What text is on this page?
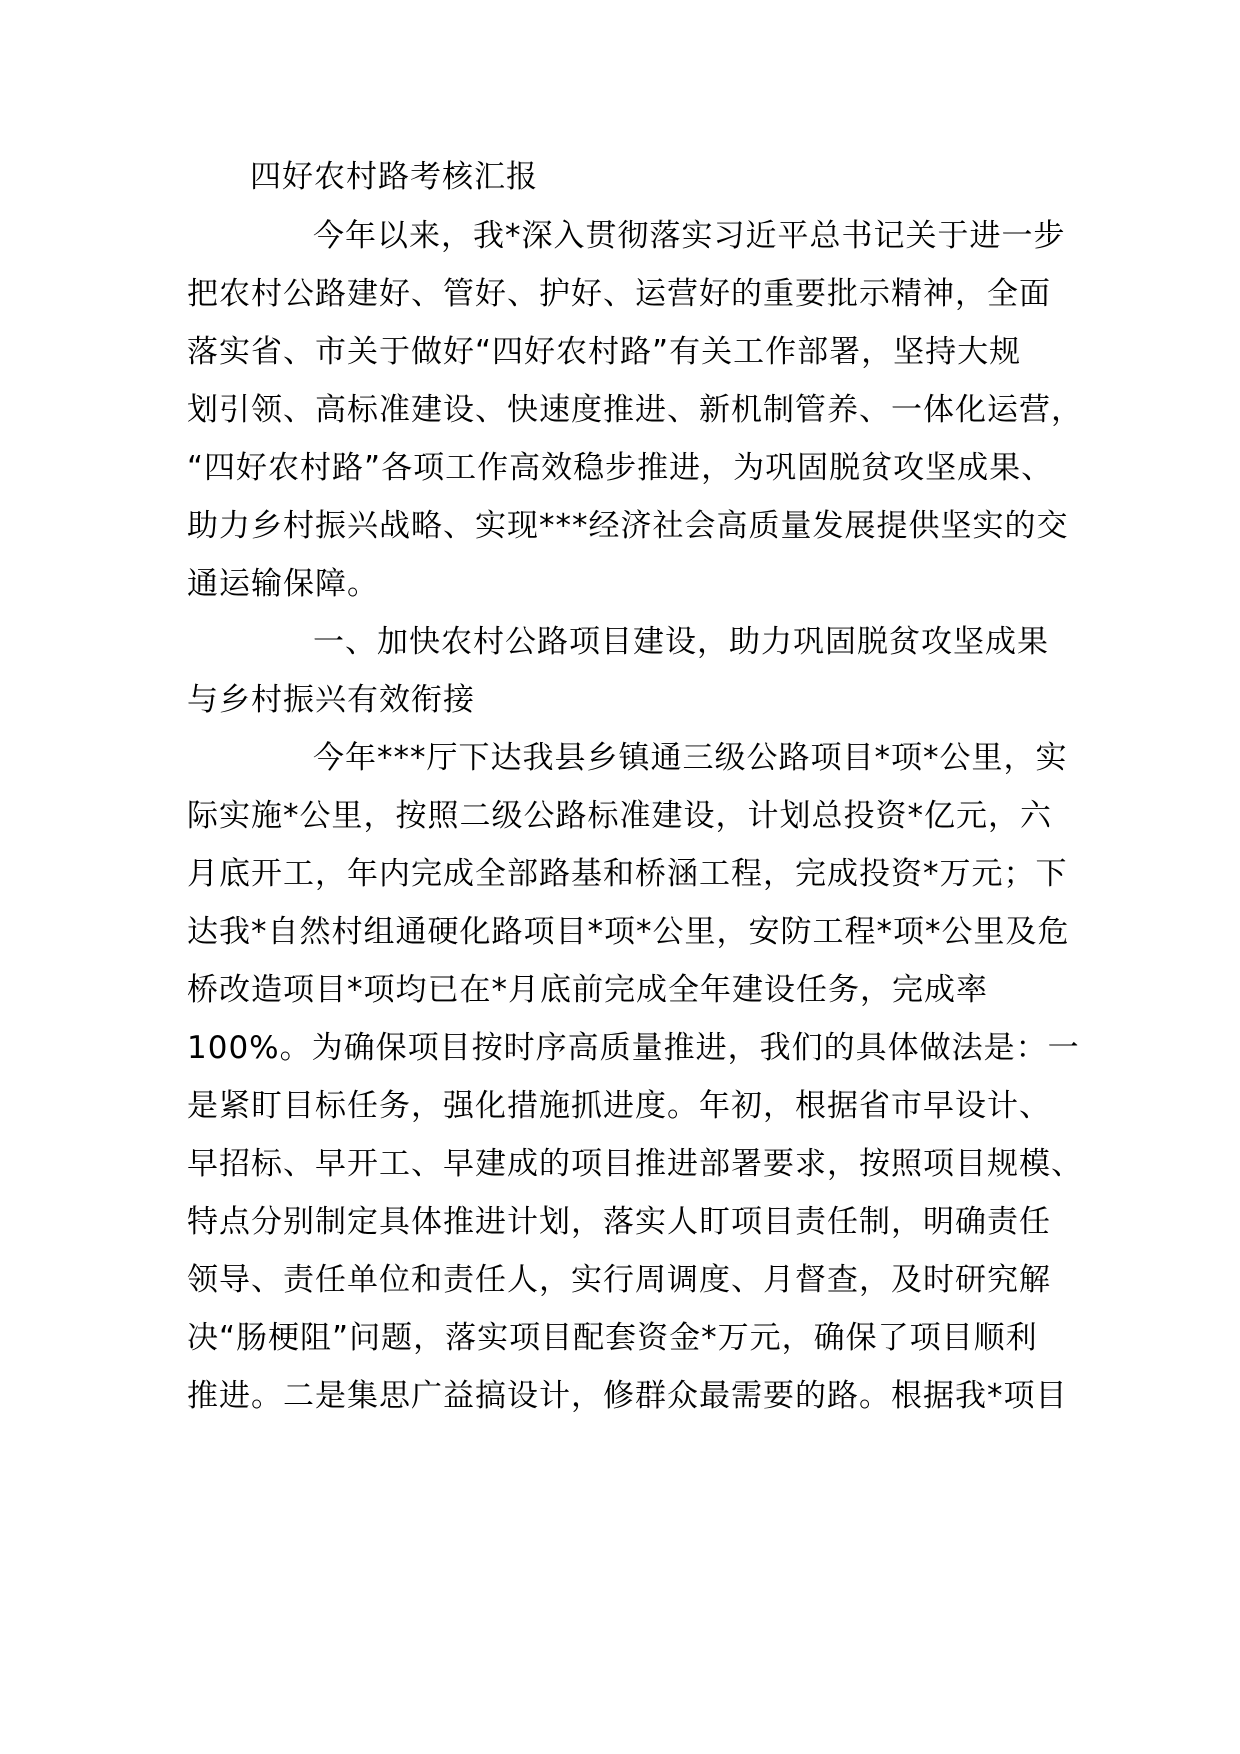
四好农村路考核汇报
今年以来，我*深入贯彻落实习近平总书记关于进一步
把农村公路建好、管好、护好、运营好的重要批示精神，全面
落实省、市关于做好“四好农村路”有关工作部署，坚持大规
划引领、高标准建设、快速度推进、新机制管养、一体化运营，
“四好农村路”各项工作高效稳步推进，为巩固脱贫攻坚成果、
助力乡村振兴战略、实现***经济社会高质量发展提供坚实的交
通运输保障。
一、加快农村公路项目建设，助力巩固脱贫攻坚成果
与乡村振兴有效衔接
今年***厅下达我县乡镇通三级公路项目*项*公里，实
际实施*公里，按照二级公路标准建设，计划总投资*亿元，六
月底开工，年内完成全部路基和桥涵工程，完成投资*万元；下
达我*自然村组通硬化路项目*项*公里，安防工程*项*公里及危
桥改造项目*项均已在*月底前完成全年建设任务，完成率
100%。为确保项目按时序高质量推进，我们的具体做法是：一
是紧盯目标任务，强化措施抓进度。年初，根据省市早设计、
早招标、早开工、早建成的项目推进部署要求，按照项目规模、
特点分别制定具体推进计划，落实人盯项目责任制，明确责任
领导、责任单位和责任人，实行周调度、月督查，及时研究解
决“肠梗阻”问题，落实项目配套资金*万元，确保了项目顺利
推进。二是集思广益搞设计，修群众最需要的路。根据我*项目
